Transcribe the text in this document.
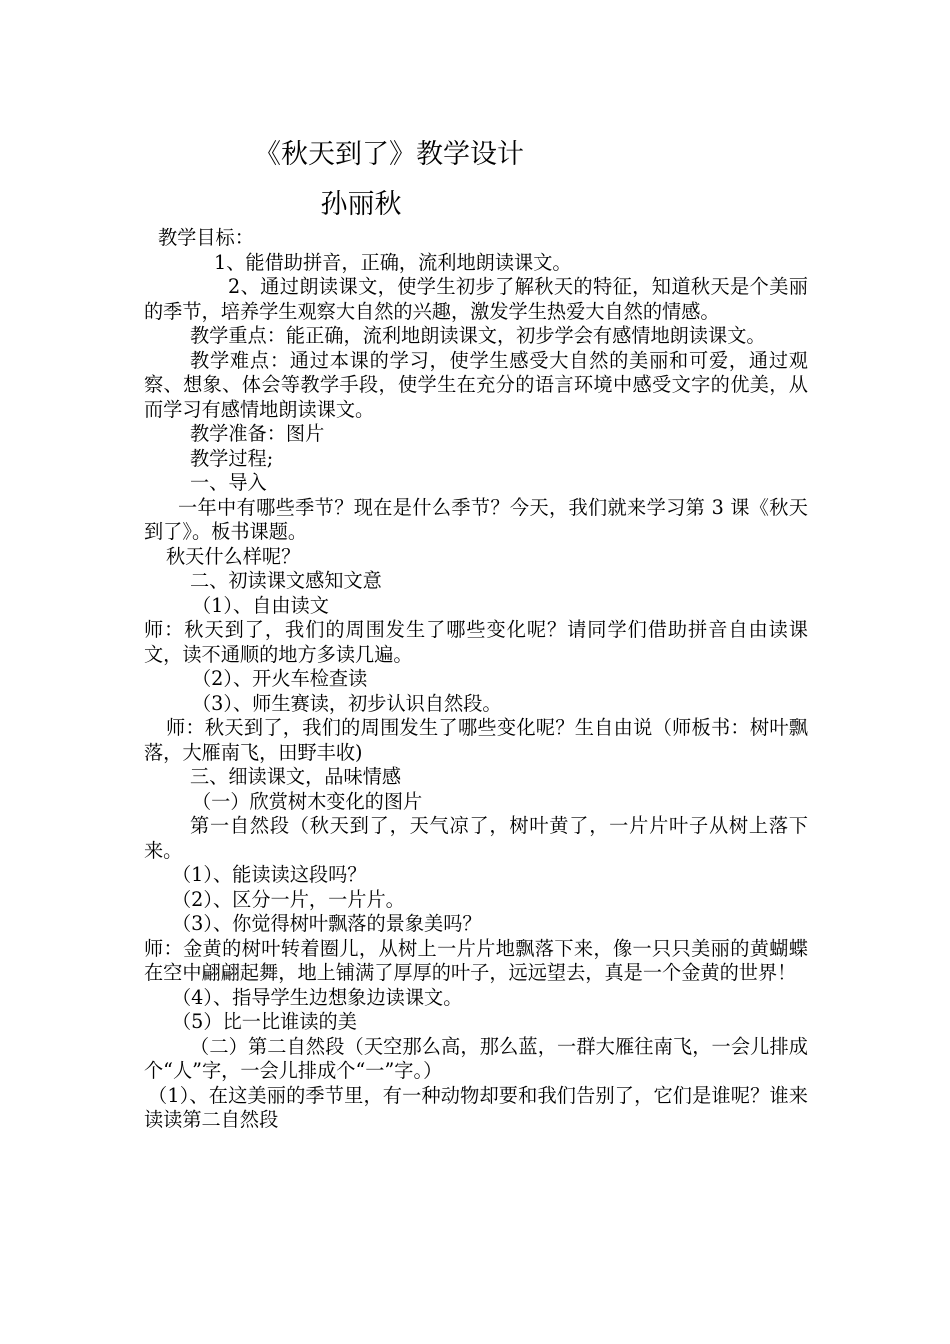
《秋天到了》教学设计
孙丽秋

教学目标：

1、能借助拼音，正确，流利地朗读课文。

2、通过朗读课文，使学生初步了解秋天的特征，知道秋天是个美丽的季节，培养学生观察大自然的兴趣，激发学生热爱大自然的情感。

教学重点：能正确，流利地朗读课文，初步学会有感情地朗读课文。

教学难点：通过本课的学习，使学生感受大自然的美丽和可爱，通过观察、想象、体会等教学手段，使学生在充分的语言环境中感受文字的优美，从而学习有感情地朗读课文。

教学准备：图片

教学过程;

一、导入

一年中有哪些季节？现在是什么季节？今天，我们就来学习第 3 课《秋天到了》。板书课题。

秋天什么样呢？

二、初读课文感知文意

（1）、自由读文

师：秋天到了，我们的周围发生了哪些变化呢？请同学们借助拼音自由读课文，读不通顺的地方多读几遍。

（2）、开火车检查读

（3）、师生赛读，初步认识自然段。

师：秋天到了，我们的周围发生了哪些变化呢？生自由说（师板书：树叶飘落，大雁南飞，田野丰收)

三、细读课文，品味情感

（一）欣赏树木变化的图片

第一自然段（秋天到了，天气凉了，树叶黄了，一片片叶子从树上落下来。

（1）、能读读这段吗？

（2）、区分一片，一片片。

（3）、你觉得树叶飘落的景象美吗？

师：金黄的树叶转着圈儿，从树上一片片地飘落下来，像一只只美丽的黄蝴蝶在空中翩翩起舞，地上铺满了厚厚的叶子，远远望去，真是一个金黄的世界！

（4）、指导学生边想象边读课文。

（5）比一比谁读的美

（二）第二自然段（天空那么高，那么蓝，一群大雁往南飞，一会儿排成个“人”字，一会儿排成个“一”字。）

（1）、在这美丽的季节里，有一种动物却要和我们告别了，它们是谁呢？谁来读读第二自然段
